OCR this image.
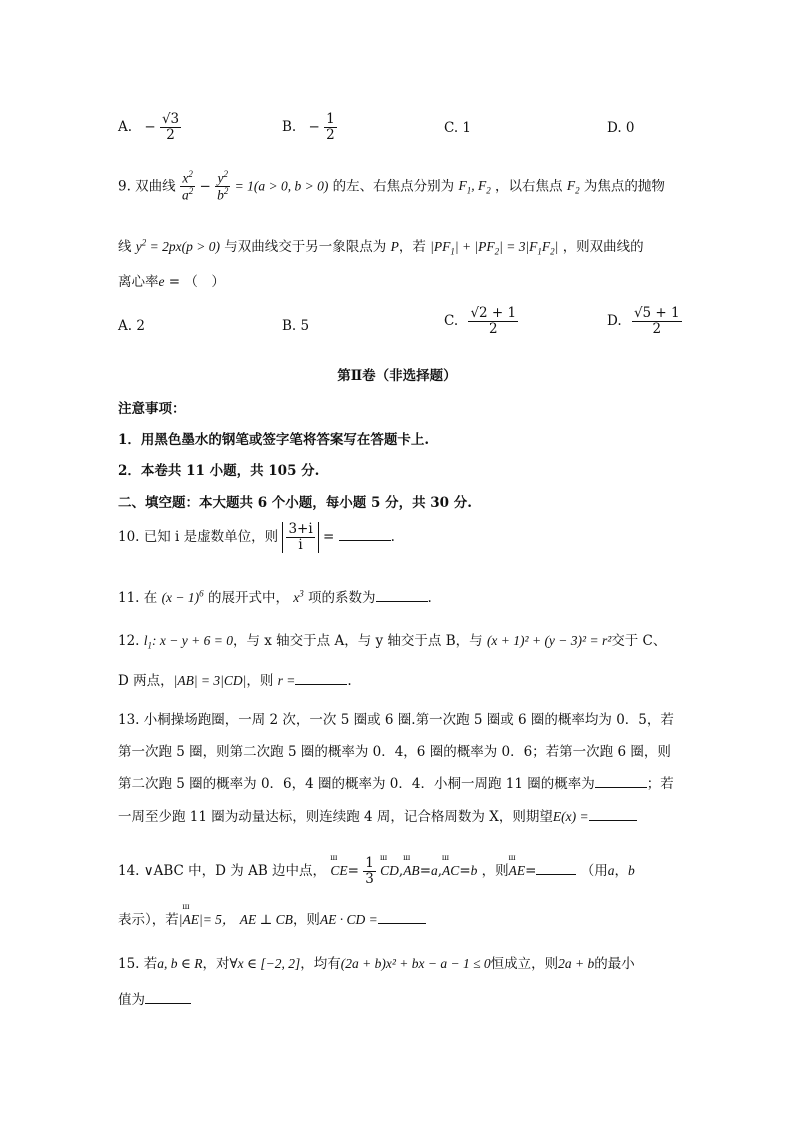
A. − $\frac{√3}{2}$	B. − $\frac{1}{2}$	C. 1	D. 0
9. 双曲线 $\frac{x^2}{a^2} - \frac{y^2}{b^2} = 1(a > 0$, b > 0) 的左、右焦点分别为 $F_1$, $F_2$ ，以右焦点 $F_2$ 为焦点的抛物
线 $y^2 = 2px(p > 0)$ 与双曲线交于另一象限点为 P，若 $|PF_1| + |PF_2| = 3|F_1F_2|$ ，则双曲线的
离心率e = （　）
A. 2	B. 5	C. $\frac{√2 + 1}{2}$	D. $\frac{√5 + 1}{2}$
第Ⅱ卷（非选择题）
注意事项：
1．用黑色墨水的钢笔或签字笔将答案写在答题卡上.
2．本卷共 11 小题，共 105 分.
二、填空题：本大题共 6 个小题，每小题 5 分，共 30 分.
10. 已知 i 是虚数单位，则 $\frac{3+i}{i}$ =	.
11. 在 $(x - 1)^6$ 的展开式中， $x^3$ 项的系数为	.
12. $l_1$: x − y + 6 = 0，与 x 轴交于点 A，与 y 轴交于点 B，与 (x + 1)² + (y − 3)² = r²交于 C、
D 两点，|AB| = 3|CD|，则 r =	.
13. 小桐操场跑圈，一周 2 次，一次 5 圈或 6 圈.第一次跑 5 圈或 6 圈的概率均为 0．5，若
第一次跑 5 圈，则第二次跑 5 圈的概率为 0．4，6 圈的概率为 0．6；若第一次跑 6 圈，则
第二次跑 5 圈的概率为 0．6，4 圈的概率为 0．4．小桐一周跑 11 圈的概率为	；若
一周至少跑 11 圈为动量达标，则连续跑 4 周，记合格周数为 X，则期望E(x) =
14. ∨ABC 中，D 为 AB 边中点， ш $CE= \frac{1}{3}$ ш CD,ш AB=a,ш AC=b ，则ш AE=	（用a，b
表示），若|ш AE|= 5， AE ⊥ CB，则AE · CD =
15. 若a, b ∈ R，对∀x ∈ [−2, 2]，均有(2a + b)x² + bx − a − 1 ≤ 0恒成立，则2a + b的最小
值为
